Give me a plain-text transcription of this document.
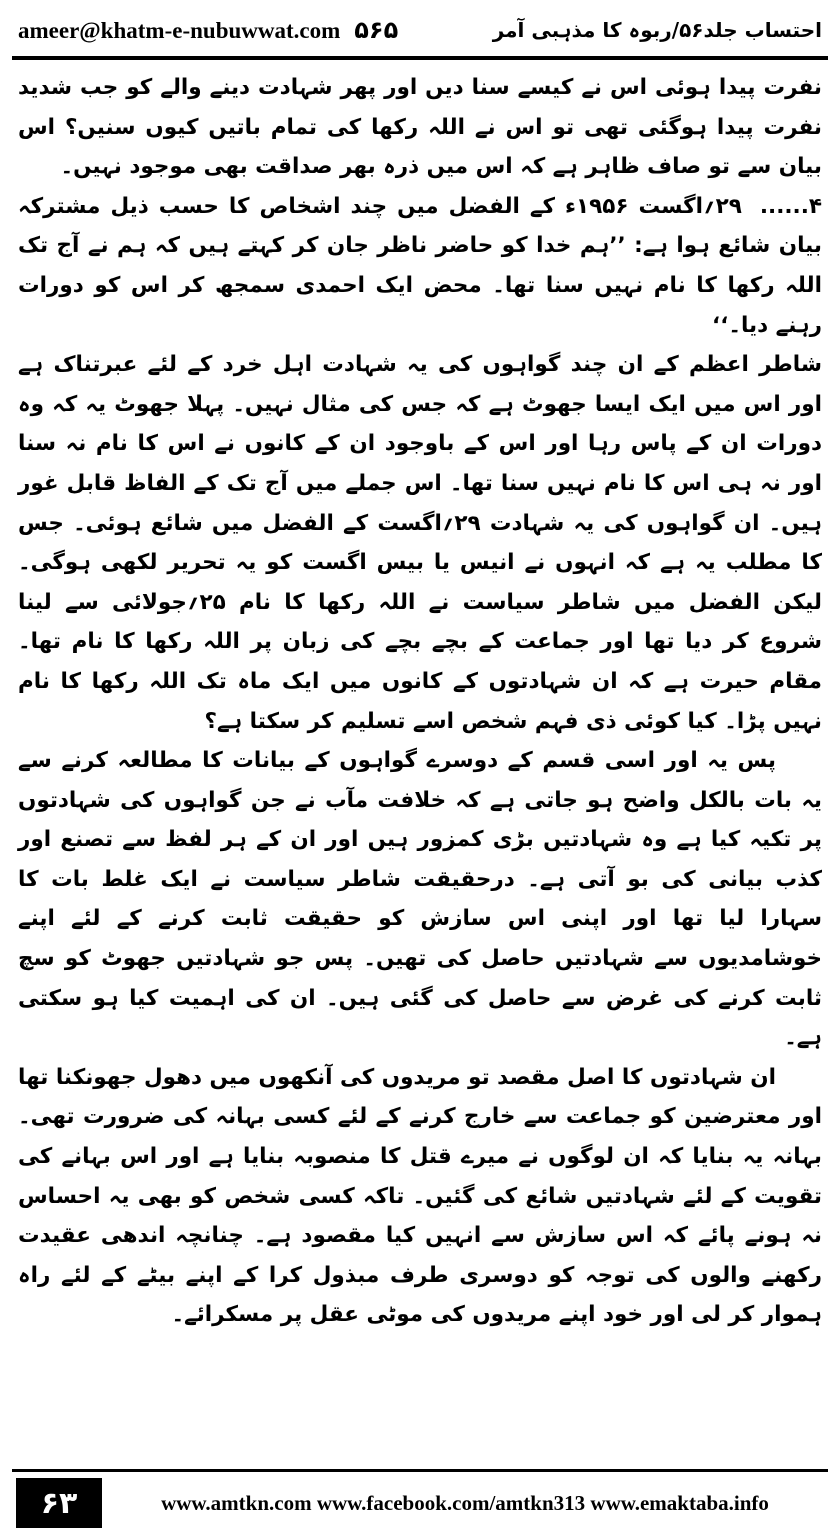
ameer@khatm-e-nubuwwat.com ۵۶۵	احتساب جلد۵۶/ربوہ کا مذہبی آمر

نفرت پیدا ہوئی اس نے کیسے سنا دیں اور پھر شہادت دینے والے کو جب شدید نفرت پیدا ہوگئی تھی تو اس نے اللہ رکھا کی تمام باتیں کیوں سنیں؟ اس بیان سے تو صاف ظاہر ہے کہ اس میں ذرہ بھر صداقت بھی موجود نہیں۔

۴......۲۹؍اگست ۱۹۵۶ء کے الفضل میں چند اشخاص کا حسب ذیل مشترکہ بیان شائع ہوا ہے: ’’ہم خدا کو حاضر ناظر جان کر کہتے ہیں کہ ہم نے آج تک اللہ رکھا کا نام نہیں سنا تھا۔ محض ایک احمدی سمجھ کر اس کو دورات رہنے دیا۔‘‘

شاطر اعظم کے ان چند گواہوں کی یہ شہادت اہل خرد کے لئے عبرتناک ہے اور اس میں ایک ایسا جھوٹ ہے کہ جس کی مثال نہیں۔ پہلا جھوٹ یہ کہ وہ دورات ان کے پاس رہا اور اس کے باوجود ان کے کانوں نے اس کا نام نہ سنا اور نہ ہی اس کا نام نہیں سنا تھا۔ اس جملے میں آج تک کے الفاظ قابل غور ہیں۔ ان گواہوں کی یہ شہادت ۲۹؍اگست کے الفضل میں شائع ہوئی۔ جس کا مطلب یہ ہے کہ انہوں نے انیس یا بیس اگست کو یہ تحریر لکھی ہوگی۔ لیکن الفضل میں شاطر سیاست نے اللہ رکھا کا نام ۲۵؍جولائی سے لینا شروع کر دیا تھا اور جماعت کے بچے بچے کی زبان پر اللہ رکھا کا نام تھا۔ مقام حیرت ہے کہ ان شہادتوں کے کانوں میں ایک ماہ تک اللہ رکھا کا نام نہیں پڑا۔ کیا کوئی ذی فہم شخص اسے تسلیم کر سکتا ہے؟

پس یہ اور اسی قسم کے دوسرے گواہوں کے بیانات کا مطالعہ کرنے سے یہ بات بالکل واضح ہو جاتی ہے کہ خلافت مآب نے جن گواہوں کی شہادتوں پر تکیہ کیا ہے وہ شہادتیں بڑی کمزور ہیں اور ان کے ہر لفظ سے تصنع اور کذب بیانی کی بو آتی ہے۔ درحقیقت شاطر سیاست نے ایک غلط بات کا سہارا لیا تھا اور اپنی اس سازش کو حقیقت ثابت کرنے کے لئے اپنے خوشامدیوں سے شہادتیں حاصل کی تھیں۔ پس جو شہادتیں جھوٹ کو سچ ثابت کرنے کی غرض سے حاصل کی گئی ہیں۔ ان کی اہمیت کیا ہو سکتی ہے۔

ان شہادتوں کا اصل مقصد تو مریدوں کی آنکھوں میں دھول جھونکنا تھا اور معترضین کو جماعت سے خارج کرنے کے لئے کسی بہانہ کی ضرورت تھی۔ بہانہ یہ بنایا کہ ان لوگوں نے میرے قتل کا منصوبہ بنایا ہے اور اس بہانے کی تقویت کے لئے شہادتیں شائع کی گئیں۔ تاکہ کسی شخص کو بھی یہ احساس نہ ہونے پائے کہ اس سازش سے انہیں کیا مقصود ہے۔ چنانچہ اندھی عقیدت رکھنے والوں کی توجہ کو دوسری طرف مبذول کرا کے اپنے بیٹے کے لئے راہ ہموار کر لی اور خود اپنے مریدوں کی موٹی عقل پر مسکرائے۔

۶۳	www.amtkn.com www.facebook.com/amtkn313 www.emaktaba.info
